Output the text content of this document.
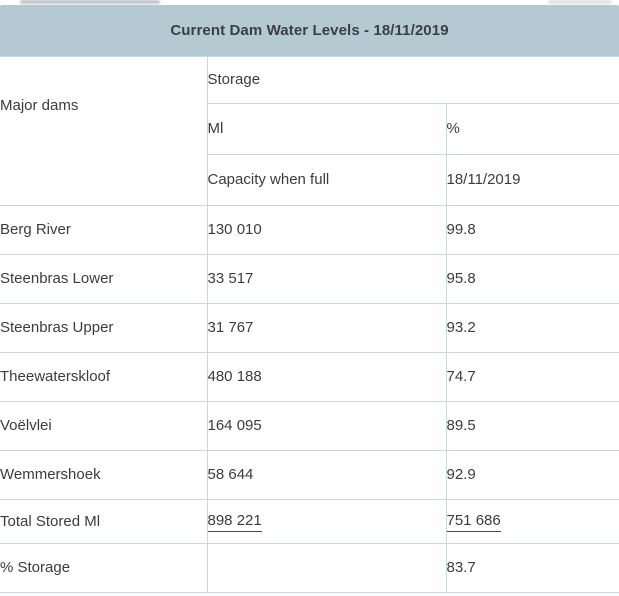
Current Dam Water Levels - 18/11/2019
Major dams	Storage	
	Ml	%
	Capacity when full	18/11/2019
Berg River	130 010	99.8
Steenbras Lower	33 517	95.8
Steenbras Upper	31 767	93.2
Theewaterskloof	480 188	74.7
Voëlvlei	164 095	89.5
Wemmershoek	58 644	92.9
Total Stored Ml	898 221	751 686
% Storage		83.7
